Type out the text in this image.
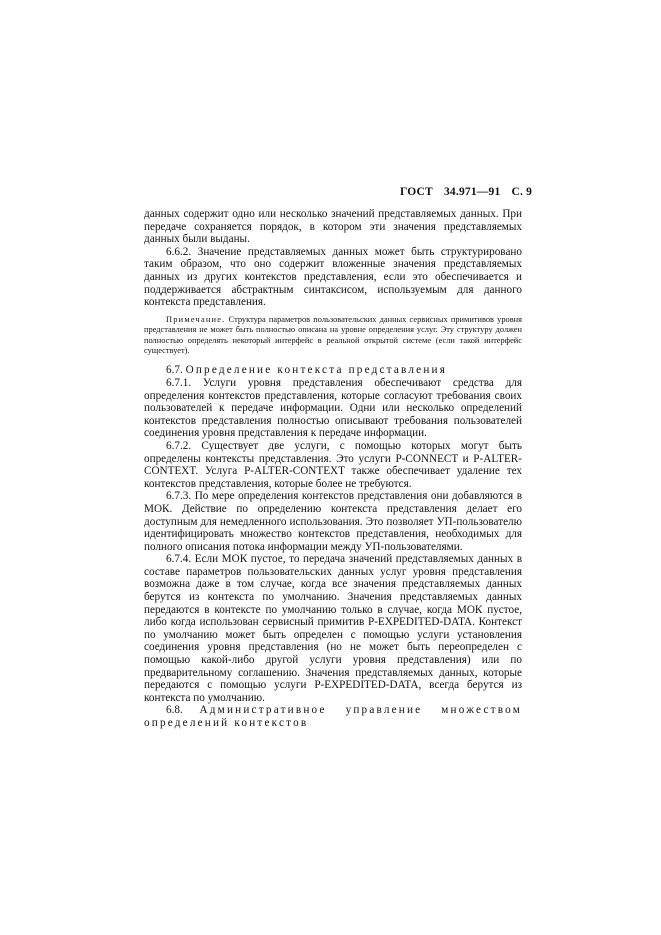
ГОСТ 34.971—91 С. 9

данных содержит одно или несколько значений представляемых данных. При передаче сохраняется порядок, в котором эти значения представляемых данных были выданы.

6.6.2. Значение представляемых данных может быть структурировано таким образом, что оно содержит вложенные значения представляемых данных из других контекстов представления, если это обеспечивается и поддерживается абстрактным синтаксисом, используемым для данного контекста представления.

Примечание. Структура параметров пользовательских данных сервисных примитивов уровня представления не может быть полностью описана на уровне определения услуг. Эту структуру должен полностью определять некоторый интерфейс в реальной открытой системе (если такой интерфейс существует).

6.7. Определение контекста представления

6.7.1. Услуги уровня представления обеспечивают средства для определения контекстов представления, которые согласуют требования своих пользователей к передаче информации. Одни или несколько определений контекстов представления полностью описывают требования пользователей соединения уровня представления к передаче информации.

6.7.2. Существует две услуги, с помощью которых могут быть определены контексты представления. Это услуги P-CONNECT и P-ALTER-CONTEXT. Услуга P-ALTER-CONTEXT также обеспечивает удаление тех контекстов представления, которые более не требуются.

6.7.3. По мере определения контекстов представления они добавляются в МОК. Действие по определению контекста представления делает его доступным для немедленного использования. Это позволяет УП-пользователю идентифицировать множество контекстов представления, необходимых для полного описания потока информации между УП-пользователями.

6.7.4. Если МОК пустое, то передача значений представляемых данных в составе параметров пользовательских данных услуг уровня представления возможна даже в том случае, когда все значения представляемых данных берутся из контекста по умолчанию. Значения представляемых данных передаются в контексте по умолчанию только в случае, когда МОК пустое, либо когда использован сервисный примитив P-EXPEDITED-DATA. Контекст по умолчанию может быть определен с помощью услуги установления соединения уровня представления (но не может быть переопределен с помощью какой-либо другой услуги уровня представления) или по предварительному соглашению. Значения представляемых данных, которые передаются с помощью услуги P-EXPEDITED-DATA, всегда берутся из контекста по умолчанию.

6.8. Административное управление множеством определений контекстов
